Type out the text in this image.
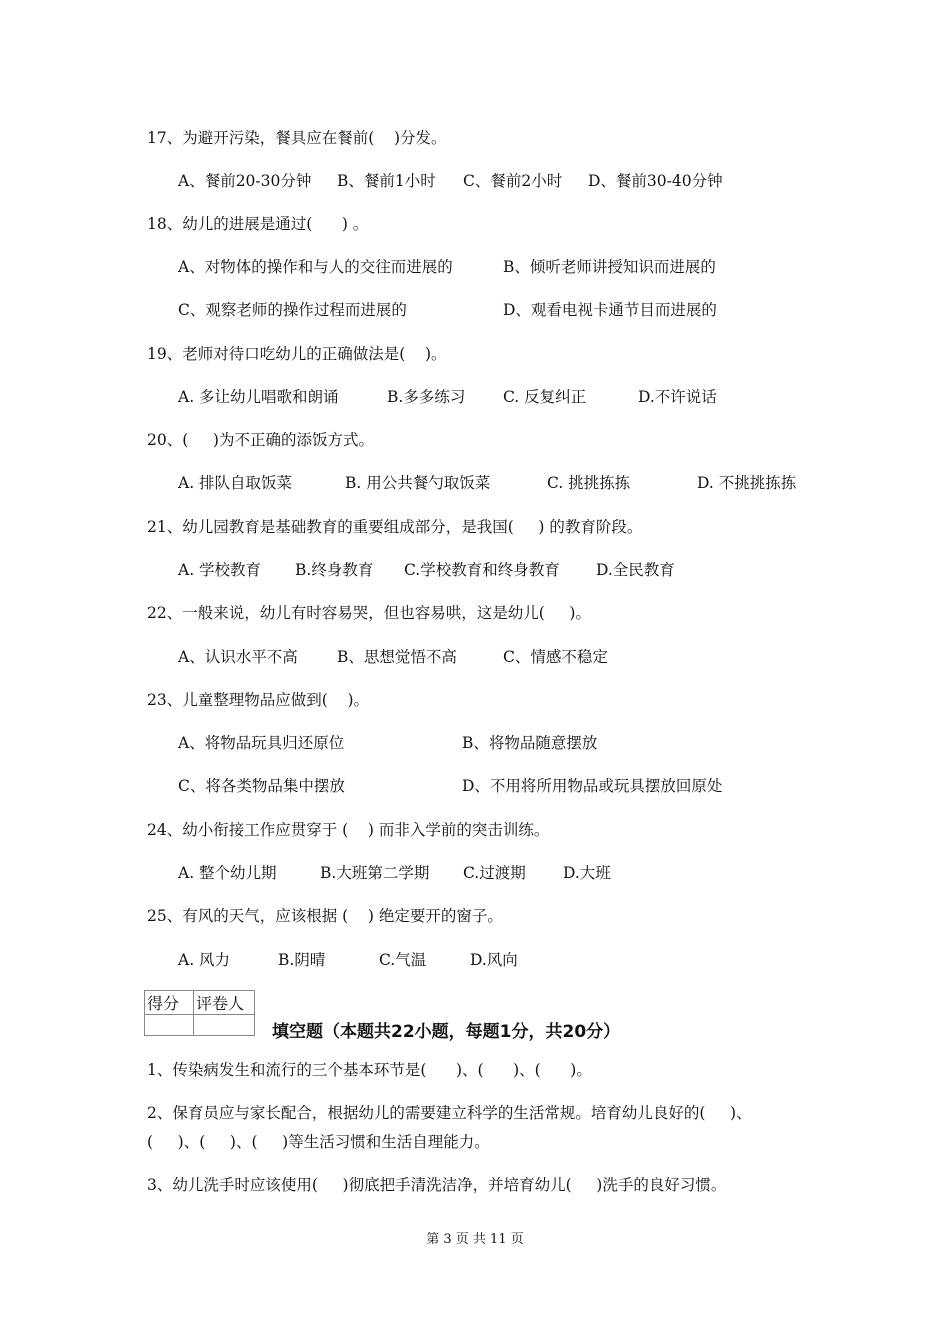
17、为避开污染，餐具应在餐前(    )分发。
A、餐前20-30分钟 B、餐前1小时 C、餐前2小时 D、餐前30-40分钟
18、幼儿的进展是通过(      ) 。
A、对物体的操作和与人的交往而进展的	B、倾听老师讲授知识而进展的
C、观察老师的操作过程而进展的	D、观看电视卡通节目而进展的
19、老师对待口吃幼儿的正确做法是(    )。
A. 多让幼儿唱歌和朗诵	B.多多练习 C. 反复纠正	D.不许说话
20、(     )为不正确的添饭方式。
A. 排队自取饭菜	B. 用公共餐勺取饭菜	C. 挑挑拣拣	D. 不挑挑拣拣
21、幼儿园教育是基础教育的重要组成部分，是我国(     ) 的教育阶段。
A. 学校教育 B.终身教育 C.学校教育和终身教育 D.全民教育
22、一般来说，幼儿有时容易哭，但也容易哄，这是幼儿(     )。
A、认识水平不高	B、思想觉悟不高	C、情感不稳定
23、儿童整理物品应做到(    )。
A、将物品玩具归还原位	B、将物品随意摆放
C、将各类物品集中摆放	D、不用将所用物品或玩具摆放回原处
24、幼小衔接工作应贯穿于 (    ) 而非入学前的突击训练。
A. 整个幼儿期	B.大班第二学期 C.过渡期 D.大班
25、有风的天气，应该根据 (    ) 绝定要开的窗子。
A. 风力	B.阴晴	C.气温	D.风向
得分	评卷人

填空题（本题共22小题，每题1分，共20分）
1、传染病发生和流行的三个基本环节是(      )、(      )、(      )。
2、保育员应与家长配合，根据幼儿的需要建立科学的生活常规。培育幼儿良好的(     )、
(     )、(     )、(     )等生活习惯和生活自理能力。
3、幼儿洗手时应该使用(     )彻底把手清洗洁净，并培育幼儿(     )洗手的良好习惯。
第 3 页 共 11 页
